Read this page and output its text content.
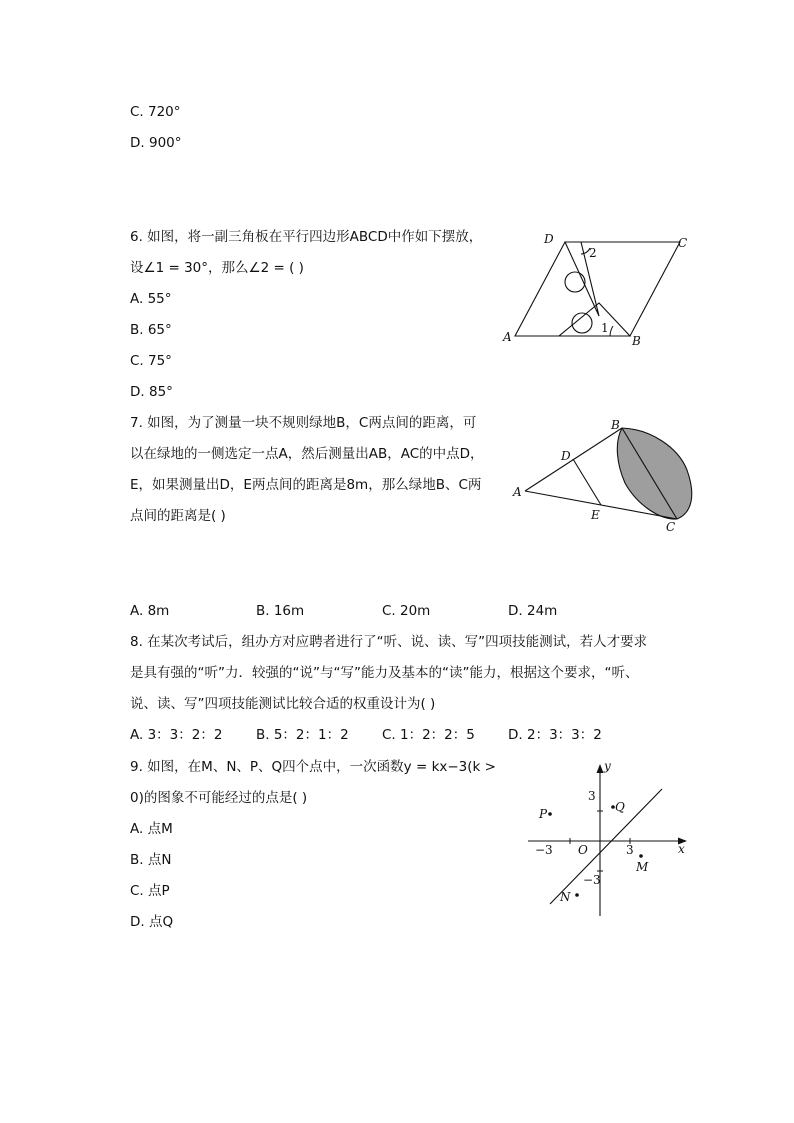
C. 720°
D. 900°
6. 如图，将一副三角板在平行四边形ABCD中作如下摆放，
设∠1 = 30°，那么∠2 = ( )
A. 55°
B. 65°
C. 75°
D. 85°
A	B
C
D
1
2
7. 如图，为了测量一块不规则绿地B，C两点间的距离，可
以在绿地的一侧选定一点A，然后测量出AB，AC的中点D，
E，如果测量出D，E两点间的距离是8m，那么绿地B、C两
点间的距离是( )
A
B
C
D
E
A. 8m	B. 16m	C. 20m	D. 24m
8. 在某次考试后，组办方对应聘者进行了“听、说、读、写”四项技能测试，若人才要求
是具有强的“听”力．较强的“说”与“写”能力及基本的“读”能力，根据这个要求，“听、
说、读、写”四项技能测试比较合适的权重设计为( )
A. 3：3：2：2 B. 5：2：1：2 C. 1：2：2：5 D. 2：3：3：2
9. 如图，在M、N、P、Q四个点中，一次函数y = kx−3(k >
0)的图象不可能经过的点是( )
A. 点M
B. 点N
C. 点P
D. 点Q
x
y
O
−3	3
3
−3
P	Q
M
N
